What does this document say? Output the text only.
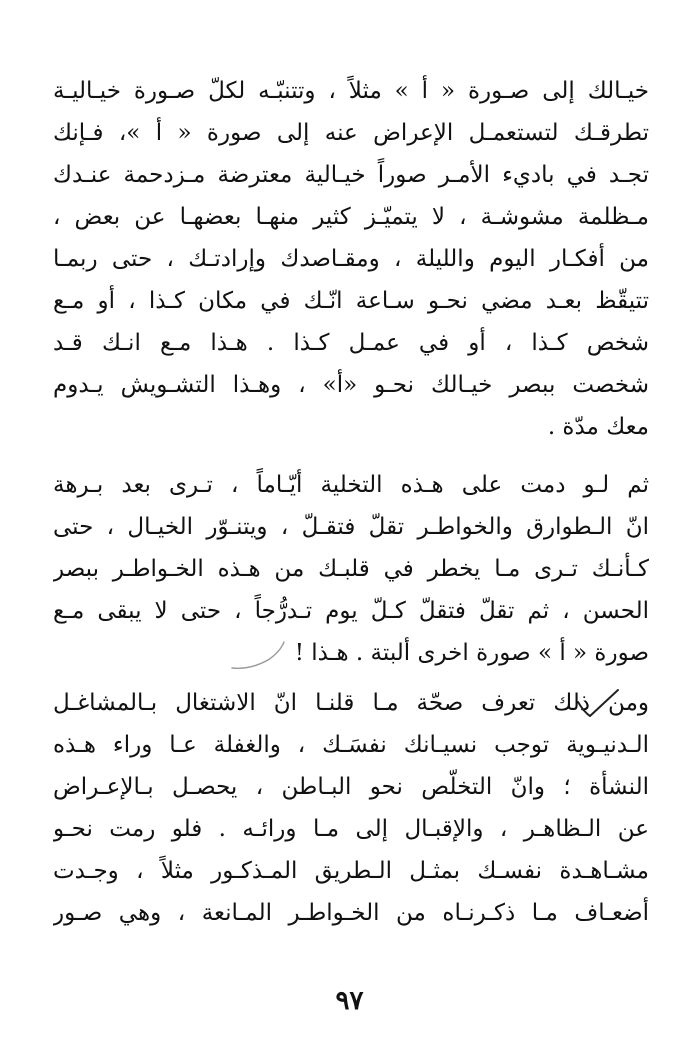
خيـالك إلى صـورة « أ » مثلاً ، وتتنبّـه لكلّ صـورة خيـاليـة
تطرقـك لتستعمـل الإعراض عنه إلى صورة « أ »، فـإنك
تجـد في باديء الأمـر صوراً خيـالية معترضة مـزدحمة عنـدك
مـظلمة مشوشـة ، لا يتميّـز كثير منهـا بعضهـا عن بعض ،
من أفكـار اليوم والليلة ، ومقـاصدك وإرادتـك ، حتى ربمـا
تتيقّظ بعـد مضي نحـو سـاعة انّـك في مكان كـذا ، أو مـع
شخص كـذا ، أو في عمـل كـذا . هـذا مـع انـك قـد
شخصت ببصر خيـالك نحـو «أ» ، وهـذا التشـويش يـدوم
معك مدّة .
ثم لـو دمت على هـذه التخلية أيّـاماً ، تـرى بعد بـرهة
انّ الـطوارق والخواطـر تقلّ فتقـلّ ، ويتنـوّر الخيـال ، حتى
كـأنـك تـرى مـا يخطر في قلبـك من هـذه الخـواطـر ببصر
الحسن ، ثم تقلّ فتقلّ كـلّ يوم تـدرُّجاً ، حتى لا يبقى مـع
صورة « أ » صورة اخرى ألبتة . هـذا !
ومن ذلك تعرف صحّة مـا قلنـا انّ الاشتغال بـالمشاغـل
الـدنيـوية توجب نسيـانك نفسَـك ، والغفلة عـا وراء هـذه
النشأة ؛ وانّ التخلّص نحو البـاطن ، يحصـل بـالإعـراض
عن الـظاهـر ، والإقبـال إلى مـا ورائـه . فلو رمت نحـو
مشـاهـدة نفسـك بمثـل الـطريق المـذكـور مثلاً ، وجـدت
أضعـاف مـا ذكـرنـاه من الخـواطـر المـانعة ، وهي صـور
٩٧
